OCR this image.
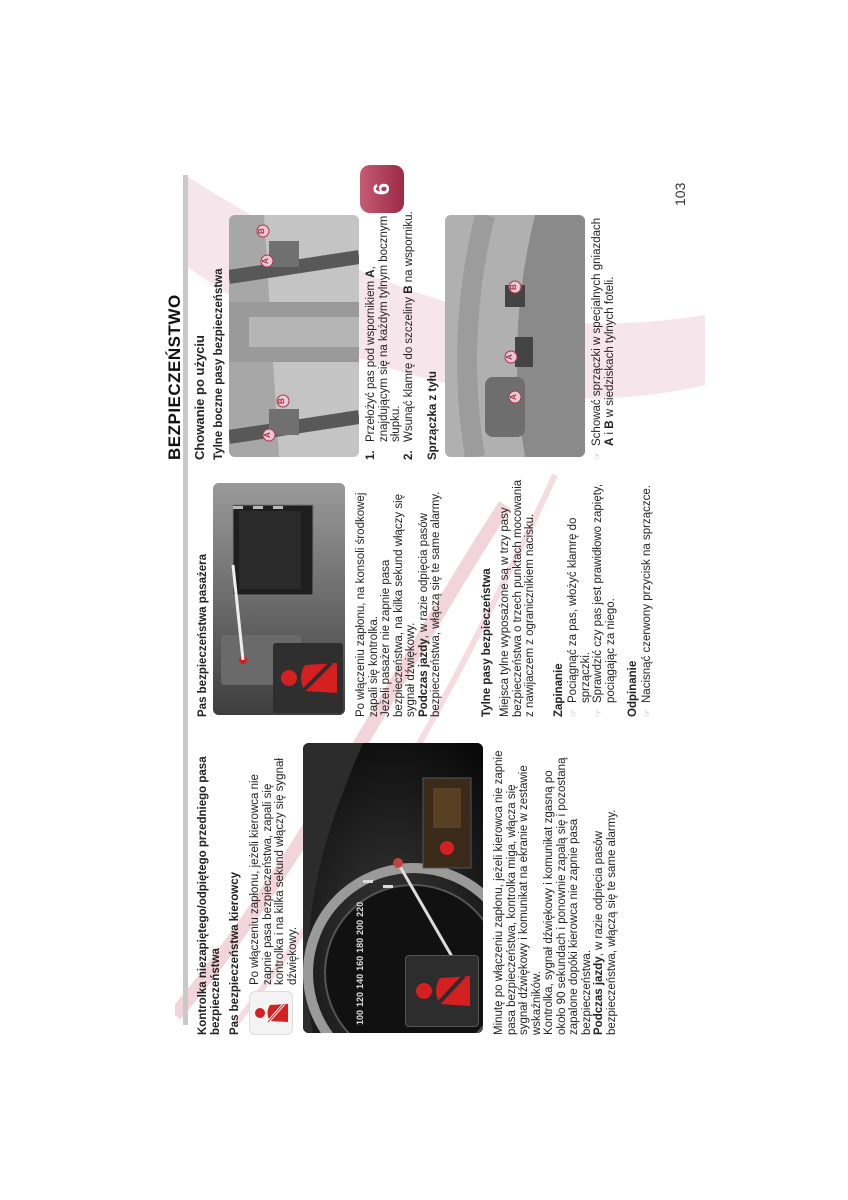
103
BEZPIECZEŃSTWO
6
Kontrolka niezapiętego/odpiętego przedniego pasa bezpieczeństwa Pas bezpieczeństwa kierowcy Po włączeniu zapłonu, jeżeli kierowca nie zapnie pasa bezpieczeństwa, zapali się kontrolka i na kilka sekund włączy się sygnał dźwiękowy.
100
120
140
160
180
200
220	Minutę po włączeniu zapłonu, jeżeli kierowca nie zapnie pasa bezpieczeństwa, kontrolka miga, włącza się sygnał dźwiękowy i komunikat na ekranie w zestawie wskaźników. Kontrolka, sygnał dźwiękowy i komunikat zgasną po około 90 sekundach i ponownie zapalą się i pozostaną zapalone dopóki kierowca nie zapnie pasa bezpieczeństwa. Podczas jazdy, w razie odpięcia pasów bezpieczeństwa, włączą się te same alarmy.

Pas bezpieczeństwa pasażera	Po włączeniu zapłonu, na konsoli środkowej zapali się kontrolka. Jeżeli pasażer nie zapnie pasa bezpieczeństwa, na kilka sekund włączy się sygnał dźwiękowy. Podczas jazdy, w razie odpięcia pasów bezpieczeństwa, włączą się te same alarmy.	Tylne pasy bezpieczeństwa Miejsca tylne wyposażone są w trzy pasy bezpieczeństwa o trzech punktach mocowania z nawijaczem z ogranicznikiem nacisku. Zapinanie ☞
Pociągnąć za pas, włożyć klamrę do sprzączki.
☞
Sprawdzić czy pas jest prawidłowo zapięty, pociągając za niego. Odpinanie ☞
Nacisnąć czerwony przycisk na sprzączce.
Chowanie po użyciu Tylne boczne pasy bezpieczeństwa	A
B
A
B
1.
Przełożyć pas pod wspornikiem A, znajdującym się na każdym tylnym bocznym słupku.
2.
Wsunąć klamrę do szczeliny B na wsporniku.
Sprzączka z tyłu	A
A
B
☞
Schować sprzączki w specjalnych gniazdach A i B w siedziskach tylnych foteli.
